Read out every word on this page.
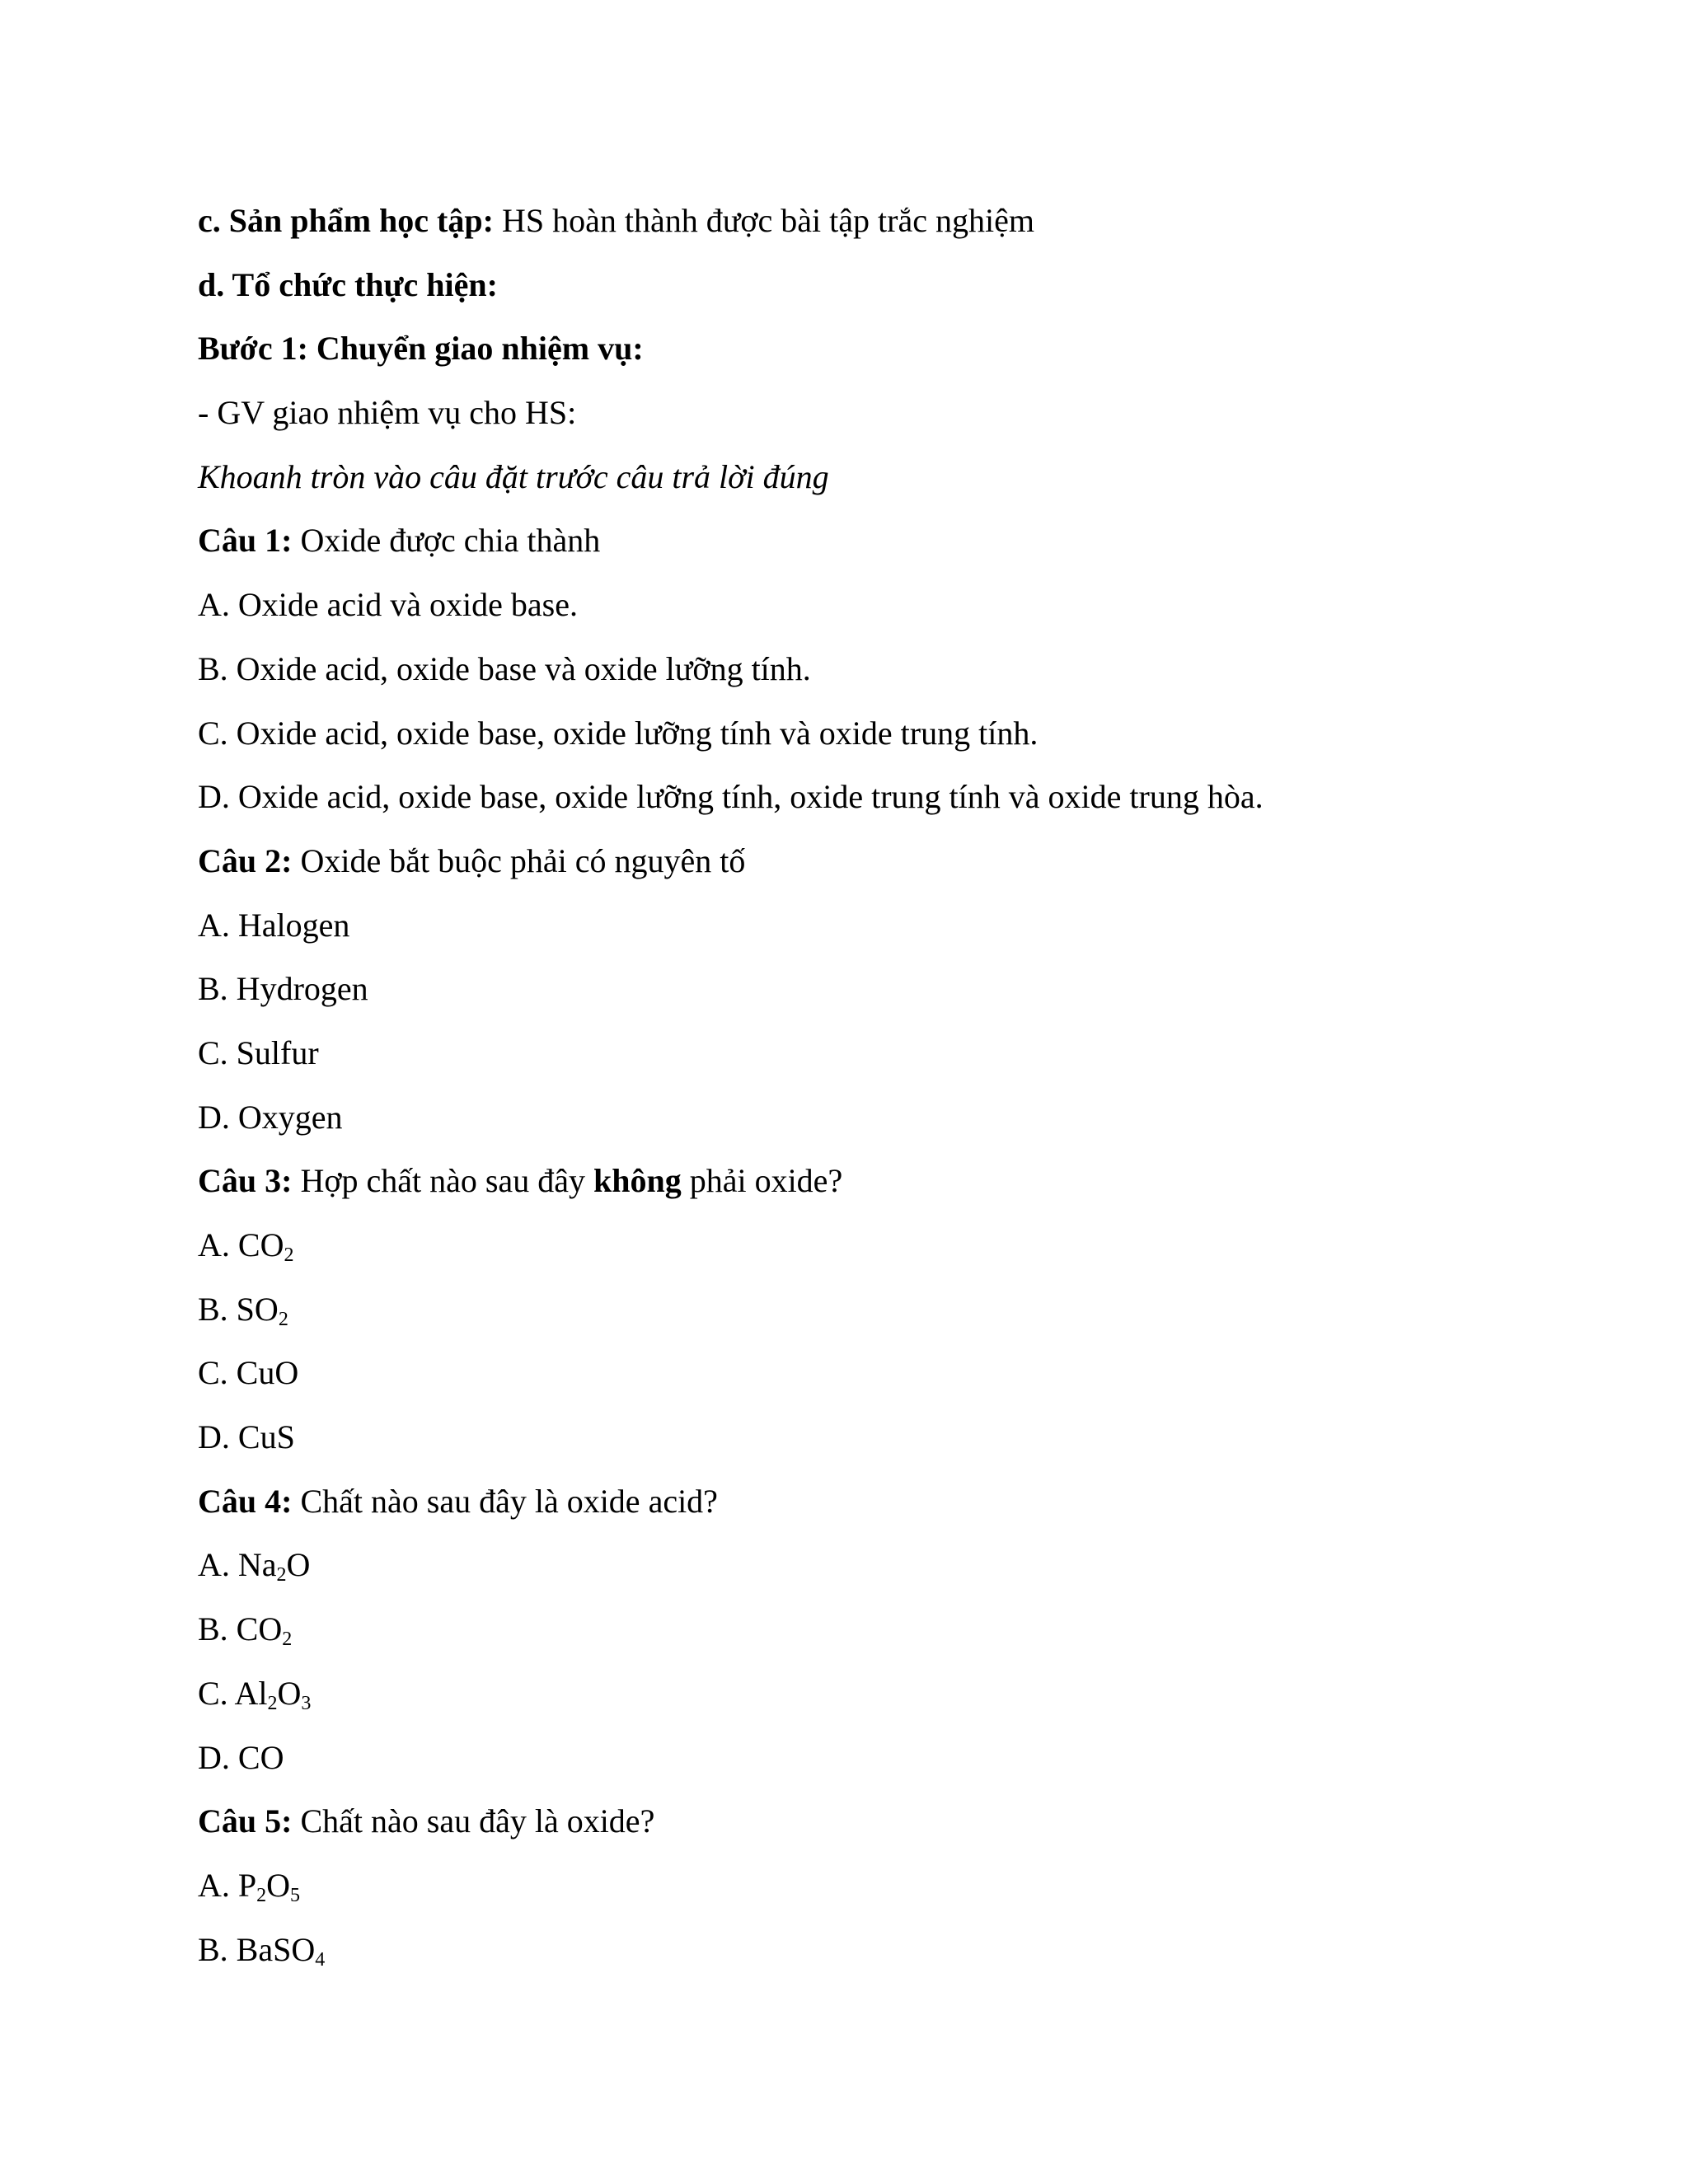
c. Sản phẩm học tập: HS hoàn thành được bài tập trắc nghiệm
d. Tổ chức thực hiện:
Bước 1: Chuyển giao nhiệm vụ:
- GV giao nhiệm vụ cho HS:
Khoanh tròn vào câu đặt trước câu trả lời đúng
Câu 1: Oxide được chia thành
A. Oxide acid và oxide base.
B. Oxide acid, oxide base và oxide lưỡng tính.
C. Oxide acid, oxide base, oxide lưỡng tính và oxide trung tính.
D. Oxide acid, oxide base, oxide lưỡng tính, oxide trung tính và oxide trung hòa.
Câu 2: Oxide bắt buộc phải có nguyên tố
A. Halogen
B. Hydrogen
C. Sulfur
D. Oxygen
Câu 3: Hợp chất nào sau đây không phải oxide?
A. $CO_2$
B. $SO_2$
C. CuO
D. CuS
Câu 4: Chất nào sau đây là oxide acid?
A. $Na_2O$
B. $CO_2$
C. $Al_2O_3$
D. CO
Câu 5: Chất nào sau đây là oxide?
A. $P_2O_5$
B. BaSO$_4$
